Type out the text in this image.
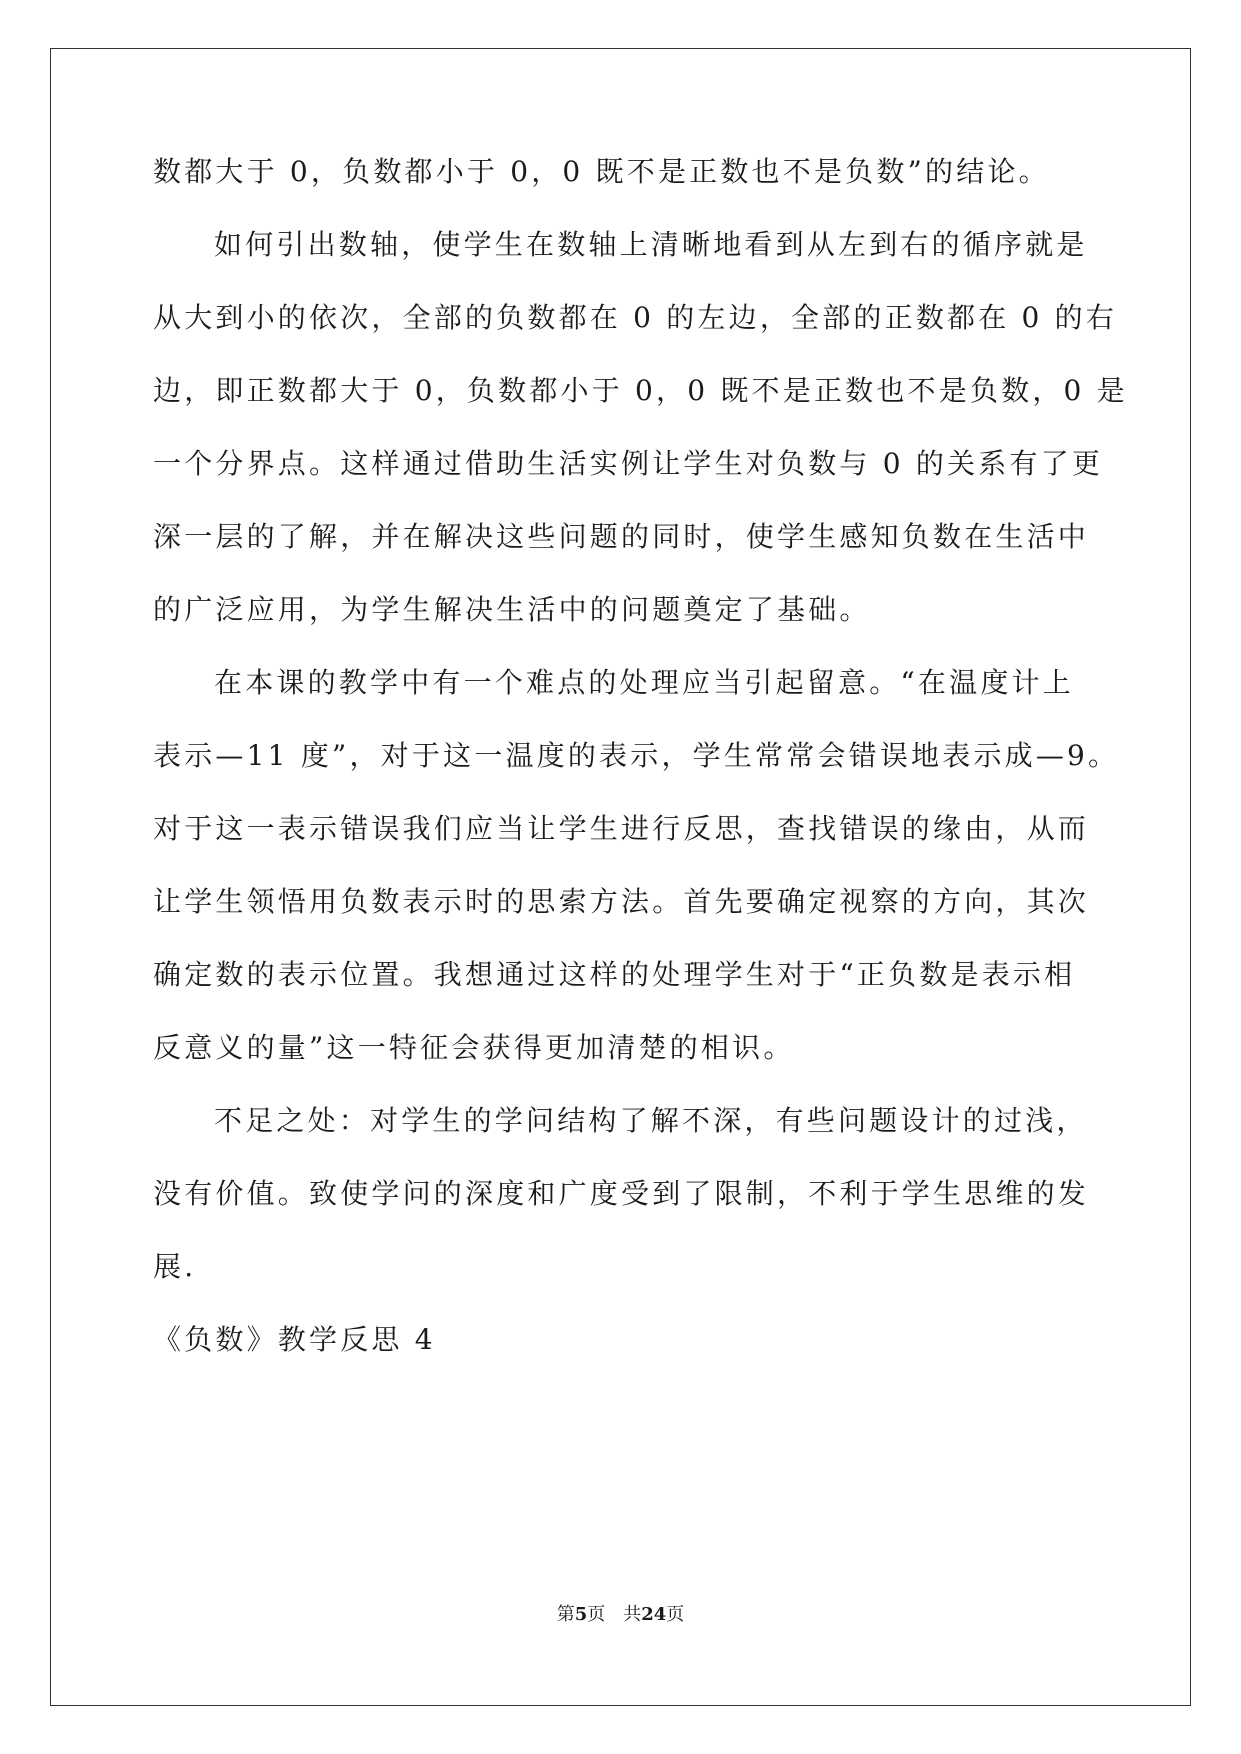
数都大于 0，负数都小于 0，0 既不是正数也不是负数”的结论。
如何引出数轴，使学生在数轴上清晰地看到从左到右的循序就是
从大到小的依次，全部的负数都在 0 的左边，全部的正数都在 0 的右
边，即正数都大于 0，负数都小于 0，0 既不是正数也不是负数，0 是
一个分界点。这样通过借助生活实例让学生对负数与 0 的关系有了更
深一层的了解，并在解决这些问题的同时，使学生感知负数在生活中
的广泛应用，为学生解决生活中的问题奠定了基础。
在本课的教学中有一个难点的处理应当引起留意。“在温度计上
表示—11 度”，对于这一温度的表示，学生常常会错误地表示成—9。
对于这一表示错误我们应当让学生进行反思，查找错误的缘由，从而
让学生领悟用负数表示时的思索方法。首先要确定视察的方向，其次
确定数的表示位置。我想通过这样的处理学生对于“正负数是表示相
反意义的量”这一特征会获得更加清楚的相识。
不足之处：对学生的学问结构了解不深，有些问题设计的过浅，
没有价值。致使学问的深度和广度受到了限制，不利于学生思维的发
展.
《负数》教学反思 4
第5页　共24页
